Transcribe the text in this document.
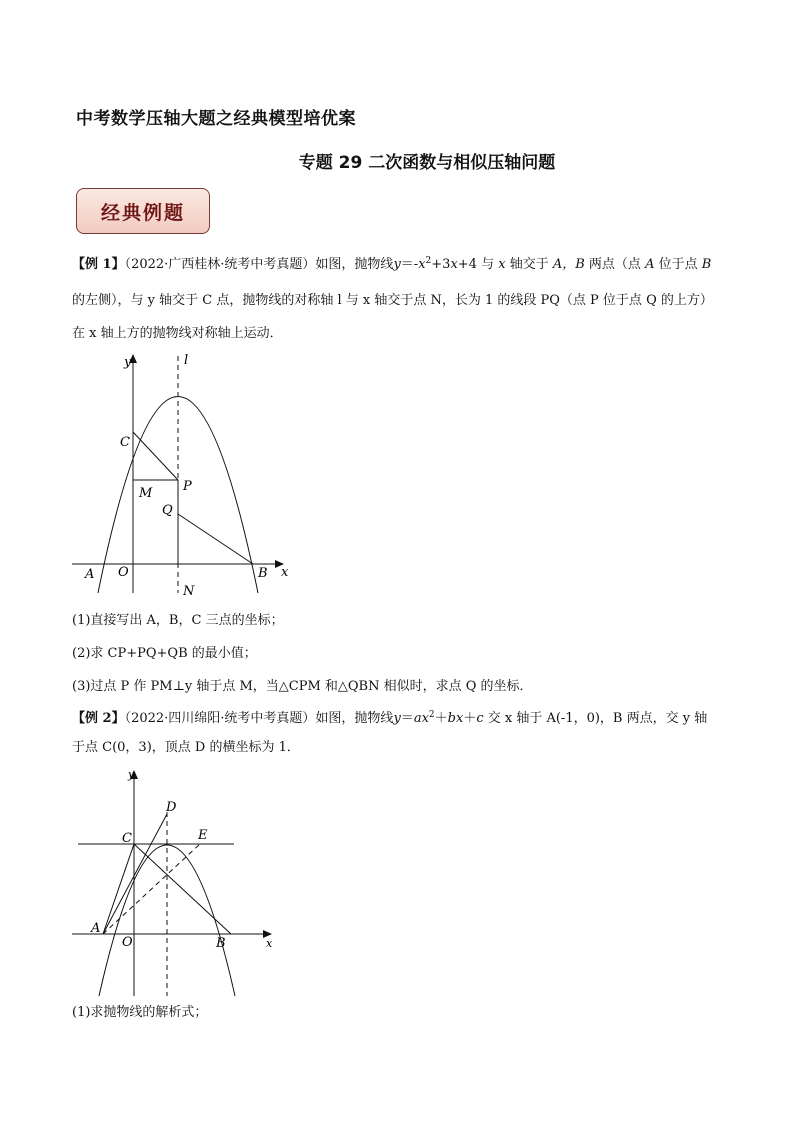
中考数学压轴大题之经典模型培优案
专题 29 二次函数与相似压轴问题
经典例题
【例 1】（2022·广西桂林·统考中考真题）如图，抛物线$y=-x^2+3x+4$ 与 x 轴交于 A，B 两点（点 A 位于点 B
的左侧），与 y 轴交于 C 点，抛物线的对称轴 l 与 x 轴交于点 N，长为 1 的线段 PQ（点 P 位于点 Q 的上方）
在 x 轴上方的抛物线对称轴上运动．
y	l
C
M P
Q
A O	B x
N
(1)直接写出 A，B，C 三点的坐标；
(2)求 CP+PQ+QB 的最小值；
(3)过点 P 作 PM⊥y 轴于点 M，当△CPM 和△QBN 相似时，求点 Q 的坐标．
【例 2】（2022·四川绵阳·统考中考真题）如图，抛物线$y=ax^2+bx+c$ 交 x 轴于 A(-1，0)，B 两点，交 y 轴
于点 C(0，3)，顶点 D 的横坐标为 1．
y
D
C	E
A
O	B	x
(1)求抛物线的解析式；
